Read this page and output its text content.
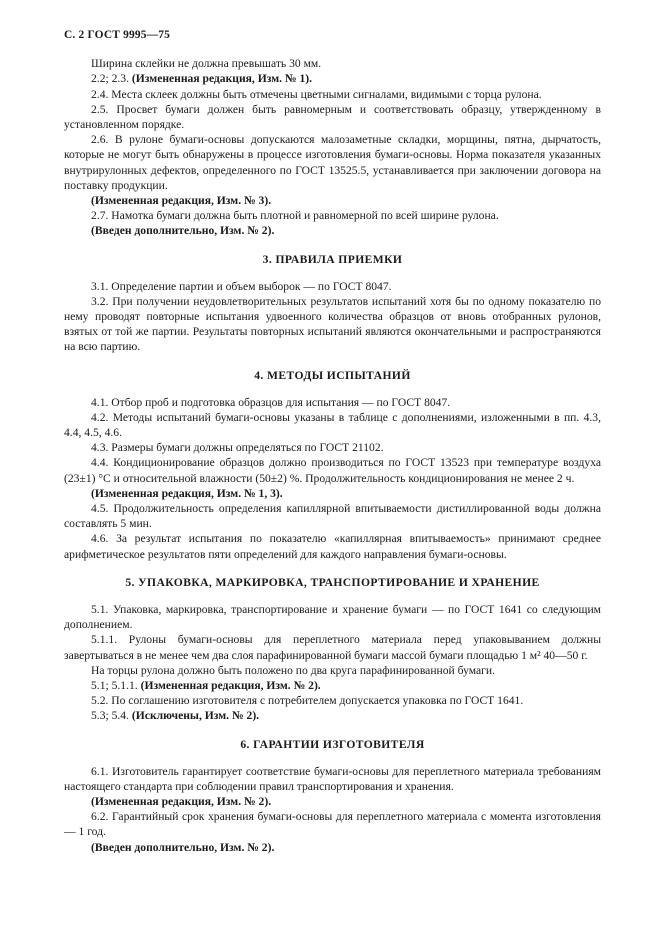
С. 2 ГОСТ 9995—75

Ширина склейки не должна превышать 30 мм.

2.2; 2.3. (Измененная редакция, Изм. № 1).

2.4. Места склеек должны быть отмечены цветными сигналами, видимыми с торца рулона.

2.5. Просвет бумаги должен быть равномерным и соответствовать образцу, утвержденному в установленном порядке.

2.6. В рулоне бумаги-основы допускаются малозаметные складки, морщины, пятна, дырчатость, которые не могут быть обнаружены в процессе изготовления бумаги-основы. Норма показателя указанных внутрирулонных дефектов, определенного по ГОСТ 13525.5, устанавливается при заключении договора на поставку продукции.

(Измененная редакция, Изм. № 3).

2.7. Намотка бумаги должна быть плотной и равномерной по всей ширине рулона.

(Введен дополнительно, Изм. № 2).

3. ПРАВИЛА ПРИЕМКИ

3.1. Определение партии и объем выборок — по ГОСТ 8047.

3.2. При получении неудовлетворительных результатов испытаний хотя бы по одному показателю по нему проводят повторные испытания удвоенного количества образцов от вновь отобранных рулонов, взятых от той же партии. Результаты повторных испытаний являются окончательными и распространяются на всю партию.

4. МЕТОДЫ ИСПЫТАНИЙ

4.1. Отбор проб и подготовка образцов для испытания — по ГОСТ 8047.

4.2. Методы испытаний бумаги-основы указаны в таблице с дополнениями, изложенными в пп. 4.3, 4.4, 4.5, 4.6.

4.3. Размеры бумаги должны определяться по ГОСТ 21102.

4.4. Кондиционирование образцов должно производиться по ГОСТ 13523 при температуре воздуха (23±1) °С и относительной влажности (50±2) %. Продолжительность кондиционирования не менее 2 ч.

(Измененная редакция, Изм. № 1, 3).

4.5. Продолжительность определения капиллярной впитываемости дистиллированной воды должна составлять 5 мин.

4.6. За результат испытания по показателю «капиллярная впитываемость» принимают среднее арифметическое результатов пяти определений для каждого направления бумаги-основы.

5. УПАКОВКА, МАРКИРОВКА, ТРАНСПОРТИРОВАНИЕ И ХРАНЕНИЕ

5.1. Упаковка, маркировка, транспортирование и хранение бумаги — по ГОСТ 1641 со следующим дополнением.

5.1.1. Рулоны бумаги-основы для переплетного материала перед упаковыванием должны завертываться в не менее чем два слоя парафинированной бумаги массой бумаги площадью 1 м² 40—50 г.

На торцы рулона должно быть положено по два круга парафинированной бумаги.

5.1; 5.1.1. (Измененная редакция, Изм. № 2).

5.2. По соглашению изготовителя с потребителем допускается упаковка по ГОСТ 1641.

5.3; 5.4. (Исключены, Изм. № 2).

6. ГАРАНТИИ ИЗГОТОВИТЕЛЯ

6.1. Изготовитель гарантирует соответствие бумаги-основы для переплетного материала требованиям настоящего стандарта при соблюдении правил транспортирования и хранения.

(Измененная редакция, Изм. № 2).

6.2. Гарантийный срок хранения бумаги-основы для переплетного материала с момента изготовления — 1 год.

(Введен дополнительно, Изм. № 2).
